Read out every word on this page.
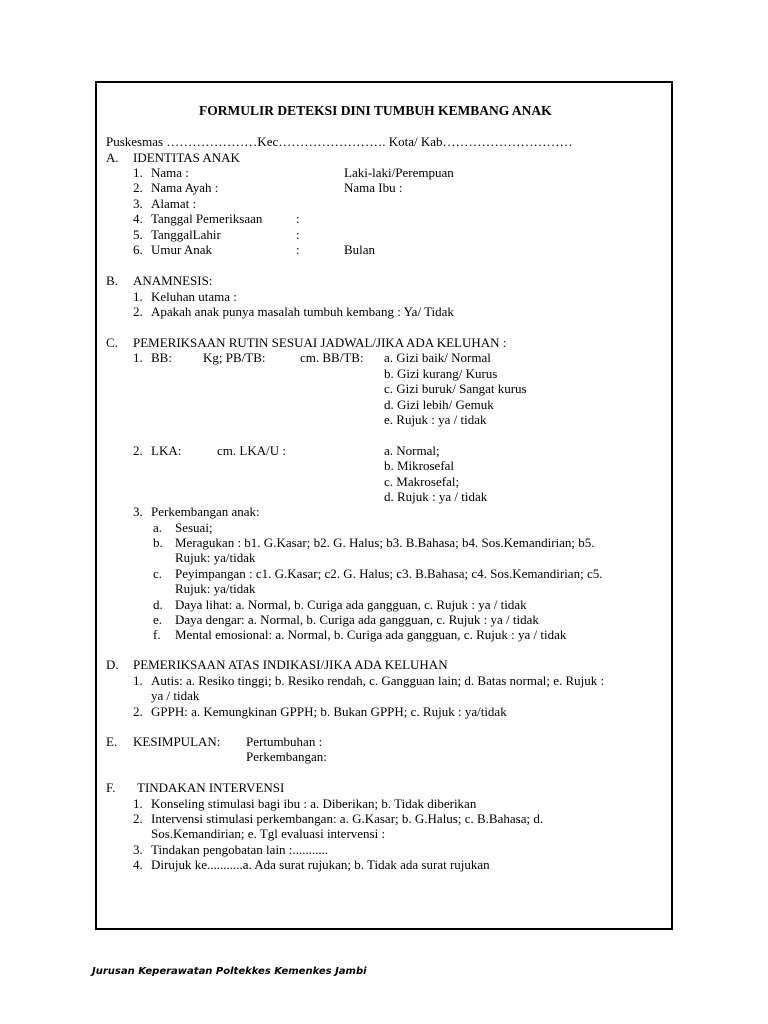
FORMULIR DETEKSI DINI TUMBUH KEMBANG ANAK
Puskesmas …………………Kec……………………. Kota/ Kab…………………………
A. IDENTITAS ANAK
1. Nama :	Laki-laki/Perempuan
2. Nama Ayah :	Nama Ibu :
3. Alamat :
4. Tanggal Pemeriksaan	:
5. TanggalLahir	:
6. Umur Anak	:	Bulan
B. ANAMNESIS:
1. Keluhan utama :
2. Apakah anak punya masalah tumbuh kembang : Ya/ Tidak
C. PEMERIKSAAN RUTIN SESUAI JADWAL/JIKA ADA KELUHAN :
1. BB: Kg; PB/TB:	cm. BB/TB: a. Gizi baik/ Normal
b. Gizi kurang/ Kurus
c. Gizi buruk/ Sangat kurus
d. Gizi lebih/ Gemuk
e. Rujuk : ya / tidak
2. LKA:	cm. LKA/U :	a. Normal;
b. Mikrosefal
c. Makrosefal;
d. Rujuk : ya / tidak
3. Perkembangan anak:
a. Sesuai;
b. Meragukan : b1. G.Kasar; b2. G. Halus; b3. B.Bahasa; b4. Sos.Kemandirian; b5.
Rujuk: ya/tidak
c. Peyimpangan : c1. G.Kasar; c2. G. Halus; c3. B.Bahasa; c4. Sos.Kemandirian; c5.
Rujuk: ya/tidak
d. Daya lihat: a. Normal, b. Curiga ada gangguan, c. Rujuk : ya / tidak
e. Daya dengar: a. Normal, b. Curiga ada gangguan, c. Rujuk : ya / tidak
f. Mental emosional: a. Normal, b. Curiga ada gangguan, c. Rujuk : ya / tidak
D. PEMERIKSAAN ATAS INDIKASI/JIKA ADA KELUHAN
1. Autis: a. Resiko tinggi; b. Resiko rendah, c. Gangguan lain; d. Batas normal; e. Rujuk :
ya / tidak
2. GPPH: a. Kemungkinan GPPH; b. Bukan GPPH; c. Rujuk : ya/tidak
E. KESIMPULAN: Pertumbuhan :
Perkembangan:
F. TINDAKAN INTERVENSI
1. Konseling stimulasi bagi ibu : a. Diberikan; b. Tidak diberikan
2. Intervensi stimulasi perkembangan: a. G.Kasar; b. G.Halus; c. B.Bahasa; d.
Sos.Kemandirian; e. Tgl evaluasi intervensi :
3. Tindakan pengobatan lain :...........
4. Dirujuk ke...........a. Ada surat rujukan; b. Tidak ada surat rujukan
Jurusan Keperawatan Poltekkes Kemenkes Jambi
